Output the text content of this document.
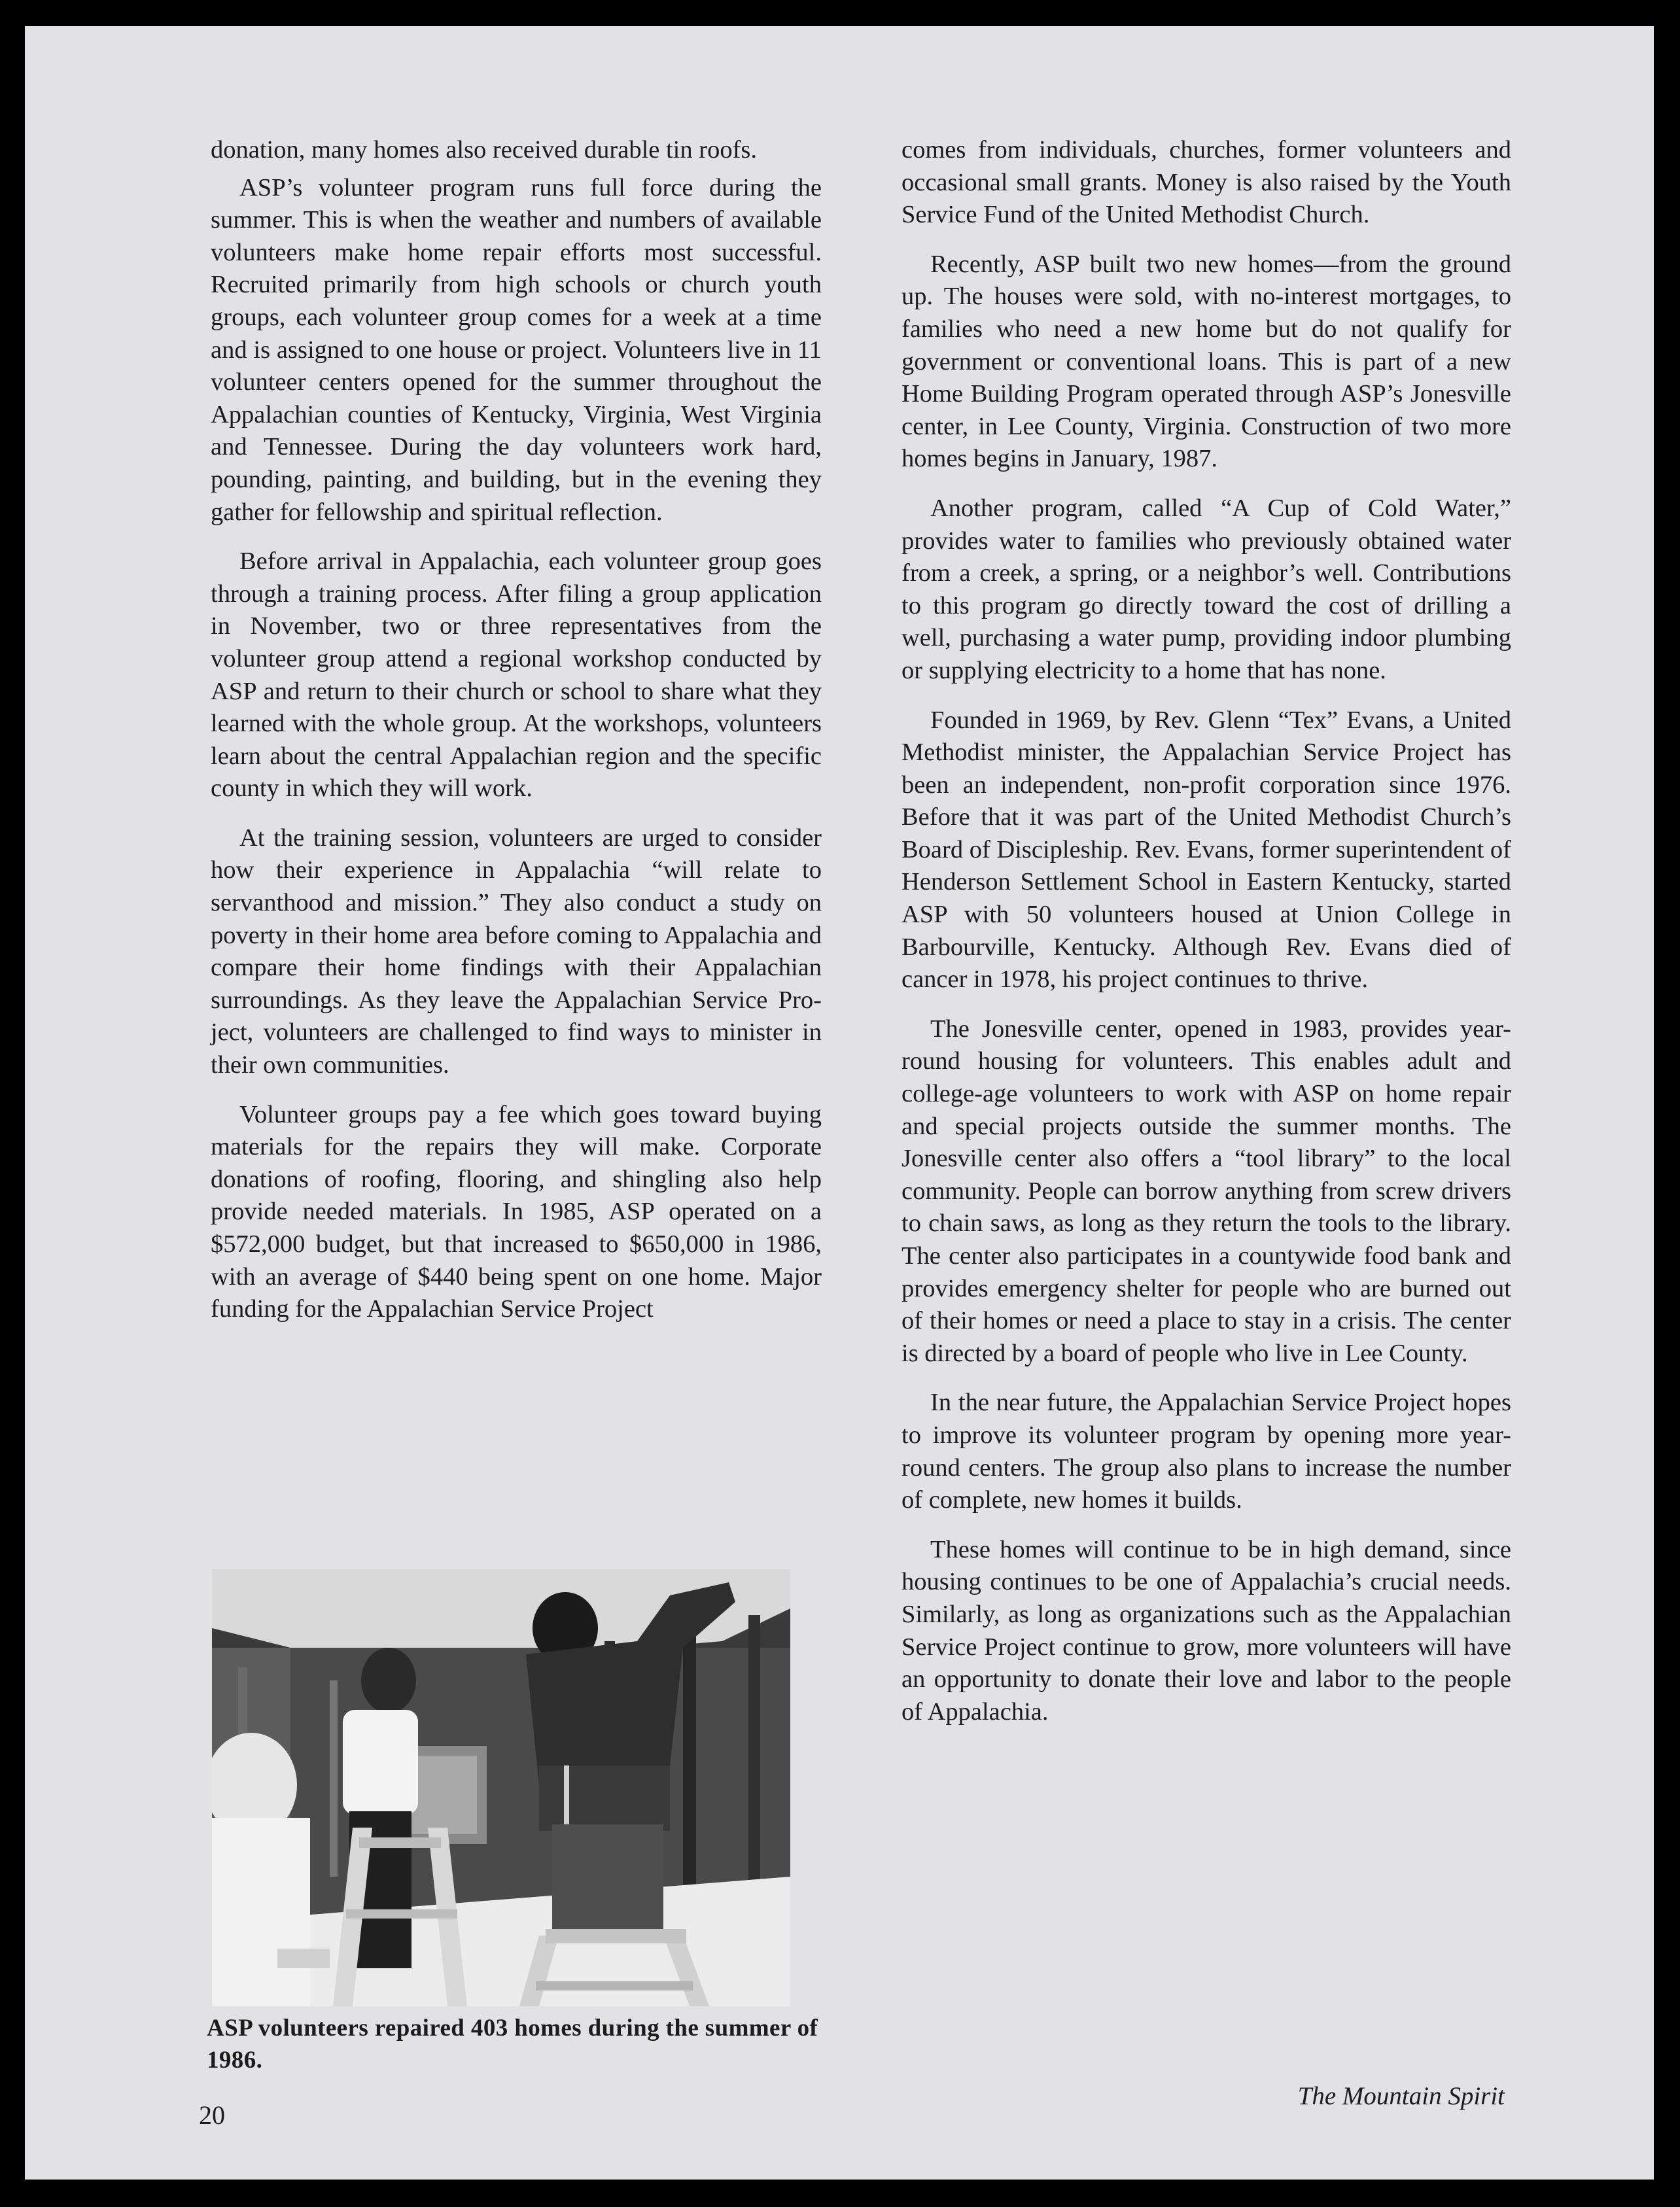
donation, many homes also received durable tin roofs.

ASP’s volunteer program runs full force during the summer. This is when the weather and numbers of available volunteers make home repair efforts most successful. Recruited primarily from high schools or church youth groups, each volunteer group comes for a week at a time and is assigned to one house or project. Volunteers live in 11 volunteer centers opened for the summer throughout the Appalachian counties of Kentucky, Virginia, West Virginia and Tennessee. During the day volunteers work hard, pounding, painting, and building, but in the evening they gather for fellowship and spiritual reflection.

Before arrival in Appalachia, each volunteer group goes through a training process. After filing a group application in November, two or three representatives from the volunteer group attend a regional workshop conducted by ASP and return to their church or school to share what they learned with the whole group. At the workshops, volunteers learn about the central Appalachian region and the specific county in which they will work.

At the training session, volunteers are urged to consider how their experience in Appalachia “will relate to servanthood and mission.” They also conduct a study on poverty in their home area before coming to Appalachia and compare their home findings with their Appalachian surroundings. As they leave the Appalachian Service Project, volunteers are challenged to find ways to minister in their own communities.

Volunteer groups pay a fee which goes toward buying materials for the repairs they will make. Corporate donations of roofing, flooring, and shingling also help provide needed materials. In 1985, ASP operated on a $572,000 budget, but that increased to $650,000 in 1986, with an average of $440 being spent on one home. Major funding for the Appalachian Service Project

ASP volunteers repaired 403 homes during the summer of 1986.

comes from individuals, churches, former volunteers and occasional small grants. Money is also raised by the Youth Service Fund of the United Methodist Church.

Recently, ASP built two new homes—from the ground up. The houses were sold, with no-interest mortgages, to families who need a new home but do not qualify for government or conventional loans. This is part of a new Home Building Program operated through ASP’s Jonesville center, in Lee County, Virginia. Construction of two more homes begins in January, 1987.

Another program, called “A Cup of Cold Water,” provides water to families who previously obtained water from a creek, a spring, or a neighbor’s well. Contributions to this program go directly toward the cost of drilling a well, purchasing a water pump, providing indoor plumbing or supplying electricity to a home that has none.

Founded in 1969, by Rev. Glenn “Tex” Evans, a United Methodist minister, the Appalachian Service Project has been an independent, non-profit corporation since 1976. Before that it was part of the United Methodist Church’s Board of Discipleship. Rev. Evans, former superintendent of Henderson Settlement School in Eastern Kentucky, started ASP with 50 volunteers housed at Union College in Barbourville, Kentucky. Although Rev. Evans died of cancer in 1978, his project continues to thrive.

The Jonesville center, opened in 1983, provides year-round housing for volunteers. This enables adult and college-age volunteers to work with ASP on home repair and special projects outside the summer months. The Jonesville center also offers a “tool library” to the local community. People can borrow anything from screw drivers to chain saws, as long as they return the tools to the library. The center also participates in a countywide food bank and provides emergency shelter for people who are burned out of their homes or need a place to stay in a crisis. The center is directed by a board of people who live in Lee County.

In the near future, the Appalachian Service Project hopes to improve its volunteer program by opening more year-round centers. The group also plans to increase the number of complete, new homes it builds.

These homes will continue to be in high demand, since housing continues to be one of Appalachia’s crucial needs. Similarly, as long as organizations such as the Appalachian Service Project continue to grow, more volunteers will have an opportunity to donate their love and labor to the people of Appalachia.

20
The Mountain Spirit
